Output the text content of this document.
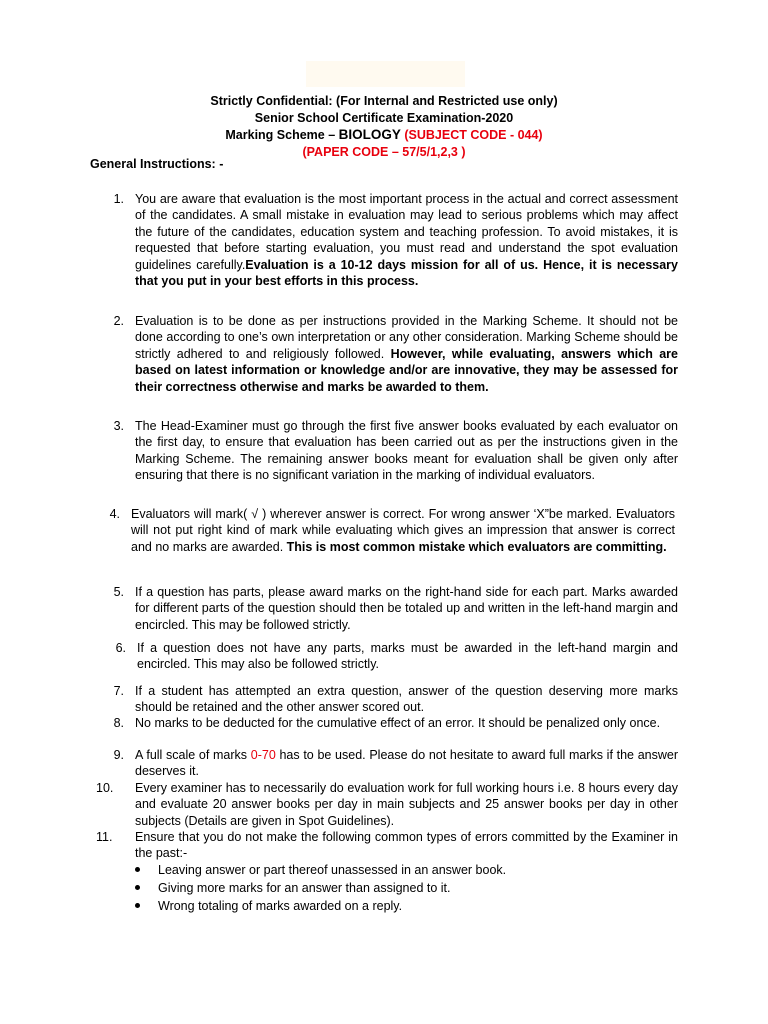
Strictly Confidential: (For Internal and Restricted use only)
Senior School Certificate Examination-2020
Marking Scheme – BIOLOGY (SUBJECT CODE - 044)
(PAPER CODE – 57/5/1,2,3 )
General Instructions: -
1. You are aware that evaluation is the most important process in the actual and correct assessment of the candidates. A small mistake in evaluation may lead to serious problems which may affect the future of the candidates, education system and teaching profession. To avoid mistakes, it is requested that before starting evaluation, you must read and understand the spot evaluation guidelines carefully.Evaluation is a 10-12 days mission for all of us. Hence, it is necessary that you put in your best efforts in this process.
2. Evaluation is to be done as per instructions provided in the Marking Scheme. It should not be done according to one’s own interpretation or any other consideration. Marking Scheme should be strictly adhered to and religiously followed. However, while evaluating, answers which are based on latest information or knowledge and/or are innovative, they may be assessed for their correctness otherwise and marks be awarded to them.
3. The Head-Examiner must go through the first five answer books evaluated by each evaluator on the first day, to ensure that evaluation has been carried out as per the instructions given in the Marking Scheme. The remaining answer books meant for evaluation shall be given only after ensuring that there is no significant variation in the marking of individual evaluators.
4. Evaluators will mark( √ ) wherever answer is correct. For wrong answer ‘X”be marked. Evaluators will not put right kind of mark while evaluating which gives an impression that answer is correct and no marks are awarded. This is most common mistake which evaluators are committing.
5. If a question has parts, please award marks on the right-hand side for each part. Marks awarded for different parts of the question should then be totaled up and written in the left-hand margin and encircled. This may be followed strictly.
6. If a question does not have any parts, marks must be awarded in the left-hand margin and encircled. This may also be followed strictly.
7. If a student has attempted an extra question, answer of the question deserving more marks should be retained and the other answer scored out.
8. No marks to be deducted for the cumulative effect of an error. It should be penalized only once.
9. A full scale of marks 0-70 has to be used. Please do not hesitate to award full marks if the answer deserves it.
10.	Every examiner has to necessarily do evaluation work for full working hours i.e. 8 hours every day and evaluate 20 answer books per day in main subjects and 25 answer books per day in other subjects (Details are given in Spot Guidelines).
11.	Ensure that you do not make the following common types of errors committed by the Examiner in the past:-
Leaving answer or part thereof unassessed in an answer book.
Giving more marks for an answer than assigned to it.
Wrong totaling of marks awarded on a reply.
